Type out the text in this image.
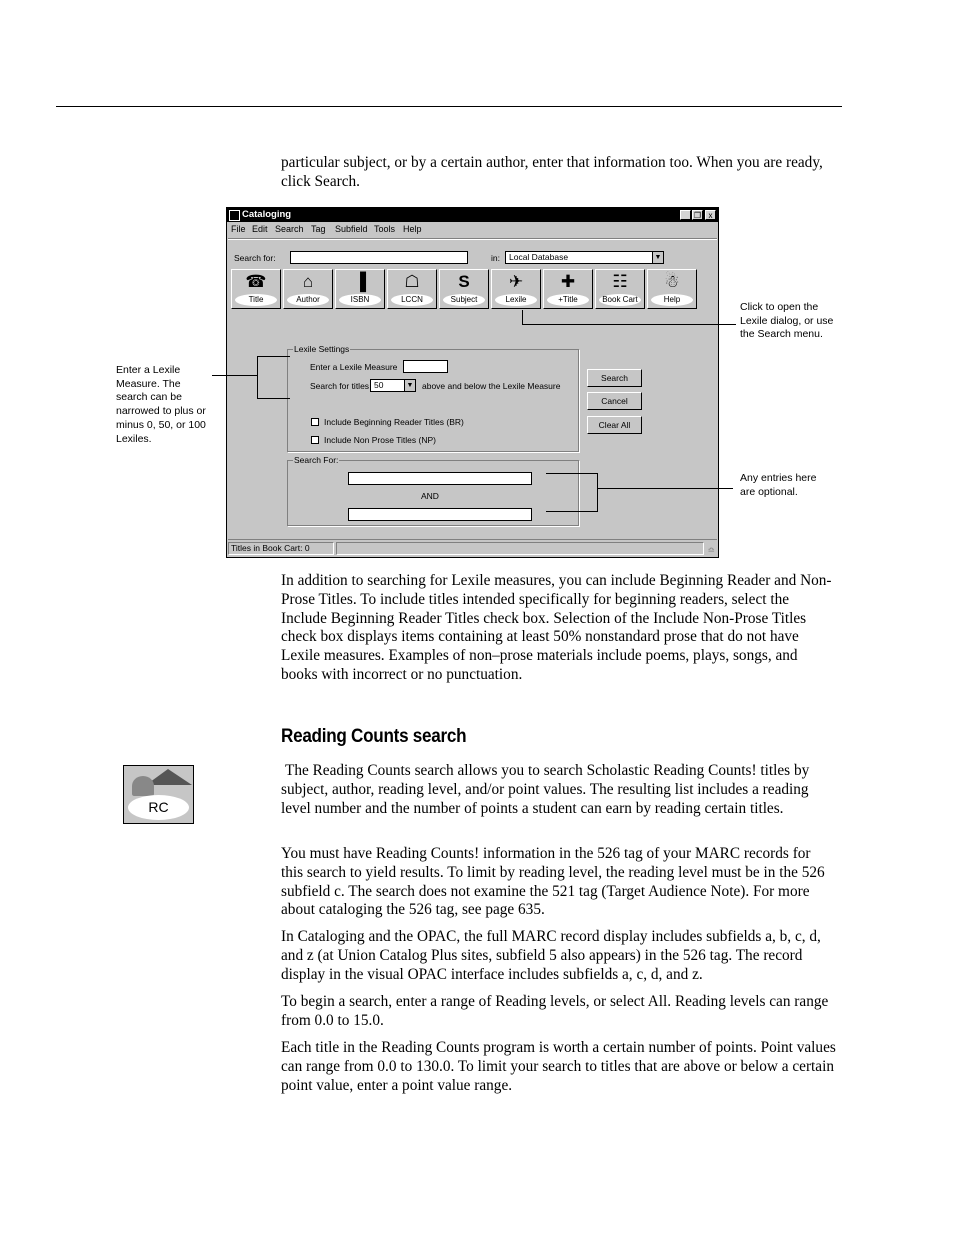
particular subject, or by a certain author, enter that information too. When you are ready, click Search.

Cataloging	_ ❐ x
File Edit Search Tag Subfield Tools Help
Search for:	in:	Local Database	▼
☎
Title
⌂
Author
▐
ISBN
☖
LCCN
S
Subject
✈
Lexile
✚
+Title
☷
Book Cart
☃
Help
Lexile Settings
Enter a Lexile Measure
Search for titles 50	▼ above and below the Lexile Measure
Include Beginning Reader Titles (BR)
Include Non Prose Titles (NP)
Search
Cancel
Clear All
Search For:
AND
Titles in Book Cart: 0	≏
Click to open the
Lexile dialog, or use
the Search menu.
Enter a Lexile
Measure. The
search can be
narrowed to plus or
minus 0, 50, or 100
Lexiles.
Any entries here
are optional.

In addition to searching for Lexile measures, you can include Beginning Reader and Non-Prose Titles. To include titles intended specifically for beginning readers, select the Include Beginning Reader Titles check box. Selection of the Include Non-Prose Titles check box displays items containing at least 50% nonstandard prose that do not have Lexile measures. Examples of non–prose materials include poems, plays, songs, and books with incorrect or no punctuation.

Reading Counts search
RC

The Reading Counts search allows you to search Scholastic Reading Counts! titles by subject, author, reading level, and/or point values. The resulting list includes a reading level number and the number of points a student can earn by reading certain titles.

You must have Reading Counts! information in the 526 tag of your MARC records for this search to yield results. To limit by reading level, the reading level must be in the 526 subfield c. The search does not examine the 521 tag (Target Audience Note). For more about cataloging the 526 tag, see page 635.

In Cataloging and the OPAC, the full MARC record display includes subfields a, b, c, d, and z (at Union Catalog Plus sites, subfield 5 also appears) in the 526 tag. The record display in the visual OPAC interface includes subfields a, c, d, and z.

To begin a search, enter a range of Reading levels, or select All. Reading levels can range from 0.0 to 15.0.

Each title in the Reading Counts program is worth a certain number of points. Point values can range from 0.0 to 130.0. To limit your search to titles that are above or below a certain point value, enter a point value range.
